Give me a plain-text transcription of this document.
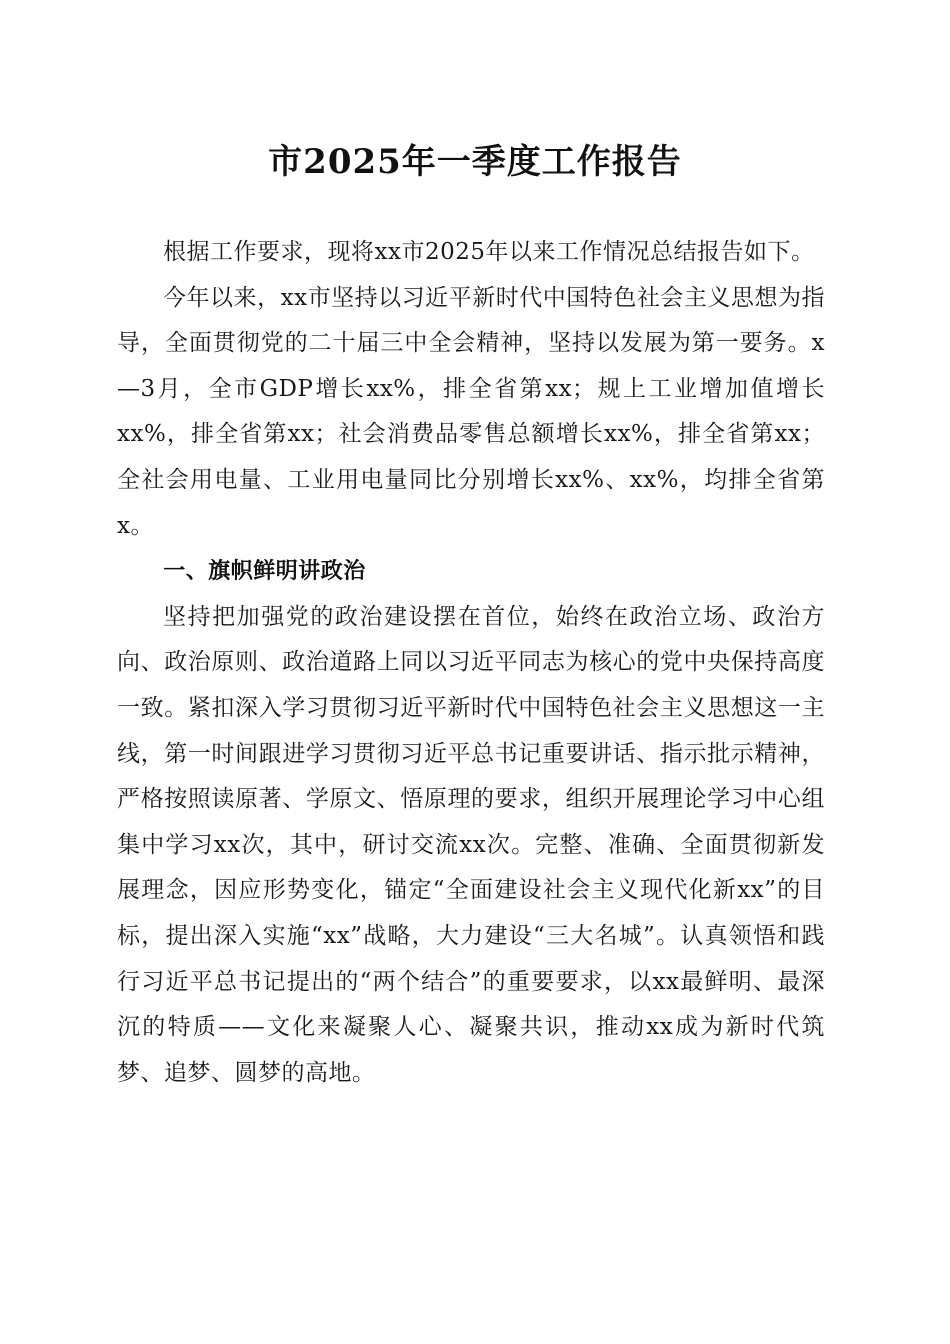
市2025年一季度工作报告

根据工作要求，现将xx市2025年以来工作情况总结报告如下。

今年以来，xx市坚持以习近平新时代中国特色社会主义思想为指导，全面贯彻党的二十届三中全会精神，坚持以发展为第一要务。x—3月，全市GDP增长xx%，排全省第xx；规上工业增加值增长xx%，排全省第xx；社会消费品零售总额增长xx%，排全省第xx；全社会用电量、工业用电量同比分别增长xx%、xx%，均排全省第x。

一、旗帜鲜明讲政治

坚持把加强党的政治建设摆在首位，始终在政治立场、政治方向、政治原则、政治道路上同以习近平同志为核心的党中央保持高度一致。紧扣深入学习贯彻习近平新时代中国特色社会主义思想这一主线，第一时间跟进学习贯彻习近平总书记重要讲话、指示批示精神，严格按照读原著、学原文、悟原理的要求，组织开展理论学习中心组集中学习xx次，其中，研讨交流xx次。完整、准确、全面贯彻新发展理念，因应形势变化，锚定“全面建设社会主义现代化新xx”的目标，提出深入实施“xx”战略，大力建设“三大名城”。认真领悟和践行习近平总书记提出的“两个结合”的重要要求，以xx最鲜明、最深沉的特质——文化来凝聚人心、凝聚共识，推动xx成为新时代筑梦、追梦、圆梦的高地。
